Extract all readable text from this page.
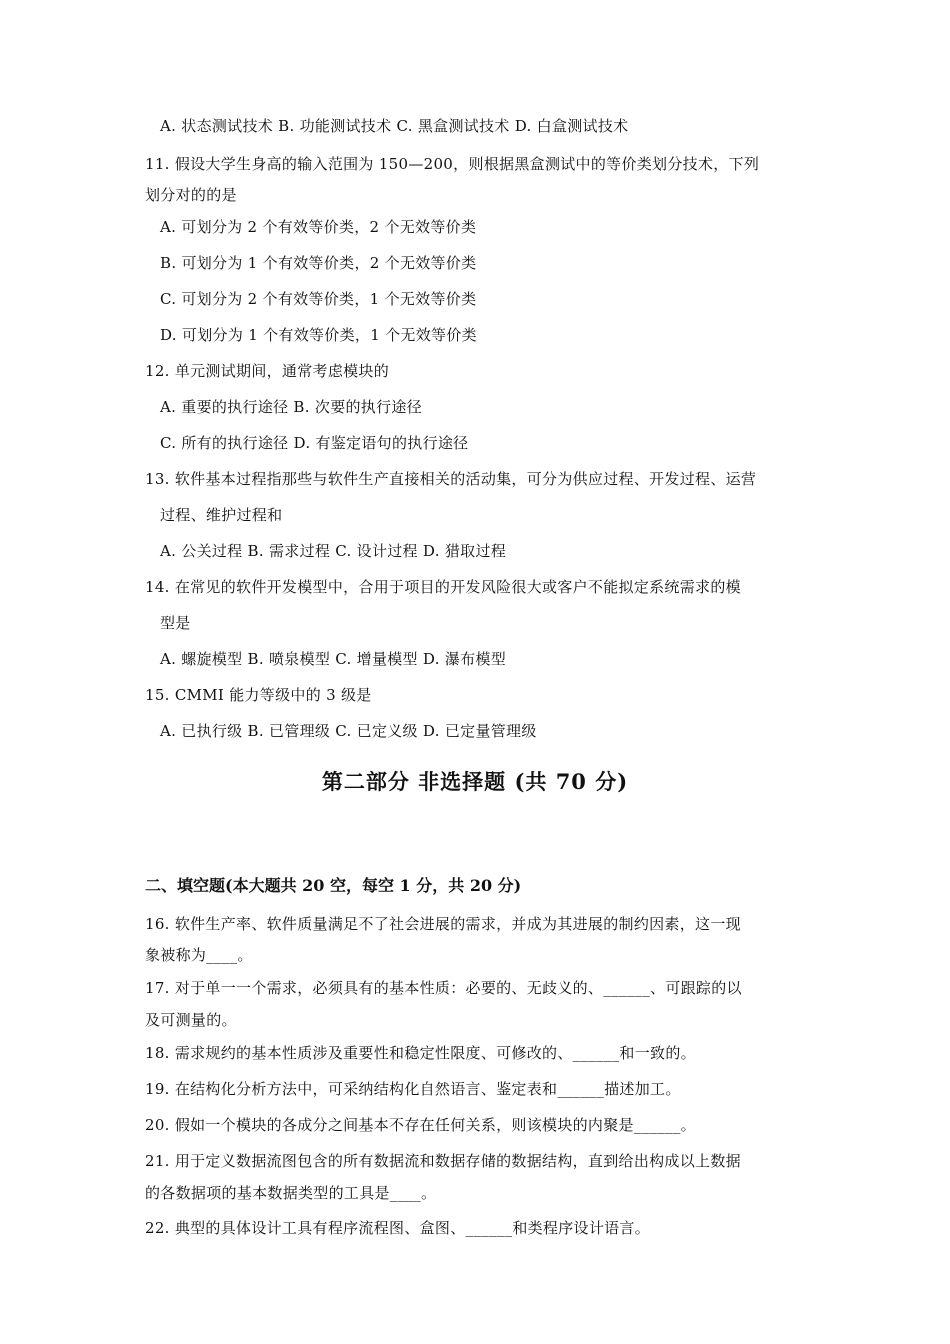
A. 状态测试技术 B. 功能测试技术 C. 黑盒测试技术 D. 白盒测试技术
11. 假设大学生身高的输入范围为 150—200，则根据黑盒测试中的等价类划分技术，下列
划分对的的是
A. 可划分为 2 个有效等价类，2 个无效等价类
B. 可划分为 1 个有效等价类，2 个无效等价类
C. 可划分为 2 个有效等价类，1 个无效等价类
D. 可划分为 1 个有效等价类，1 个无效等价类
12. 单元测试期间，通常考虑模块的
A. 重要的执行途径 B. 次要的执行途径
C. 所有的执行途径 D. 有鉴定语句的执行途径
13. 软件基本过程指那些与软件生产直接相关的活动集，可分为供应过程、开发过程、运营
过程、维护过程和
A. 公关过程 B. 需求过程 C. 设计过程 D. 猎取过程
14. 在常见的软件开发模型中，合用于项目的开发风险很大或客户不能拟定系统需求的模
型是
A. 螺旋模型 B. 喷泉模型 C. 增量模型 D. 瀑布模型
15. CMMI 能力等级中的 3 级是
A. 已执行级 B. 已管理级 C. 已定义级 D. 已定量管理级
第二部分 非选择题 (共 70 分)
二、填空题(本大题共 20 空，每空 1 分，共 20 分)
16. 软件生产率、软件质量满足不了社会进展的需求，并成为其进展的制约因素，这一现
象被称为____。
17. 对于单一一个需求，必须具有的基本性质：必要的、无歧义的、______、可跟踪的以
及可测量的。
18. 需求规约的基本性质涉及重要性和稳定性限度、可修改的、______和一致的。
19. 在结构化分析方法中，可采纳结构化自然语言、鉴定表和______描述加工。
20. 假如一个模块的各成分之间基本不存在任何关系，则该模块的内聚是______。
21. 用于定义数据流图包含的所有数据流和数据存储的数据结构，直到给出构成以上数据
的各数据项的基本数据类型的工具是____。
22. 典型的具体设计工具有程序流程图、盒图、______和类程序设计语言。
